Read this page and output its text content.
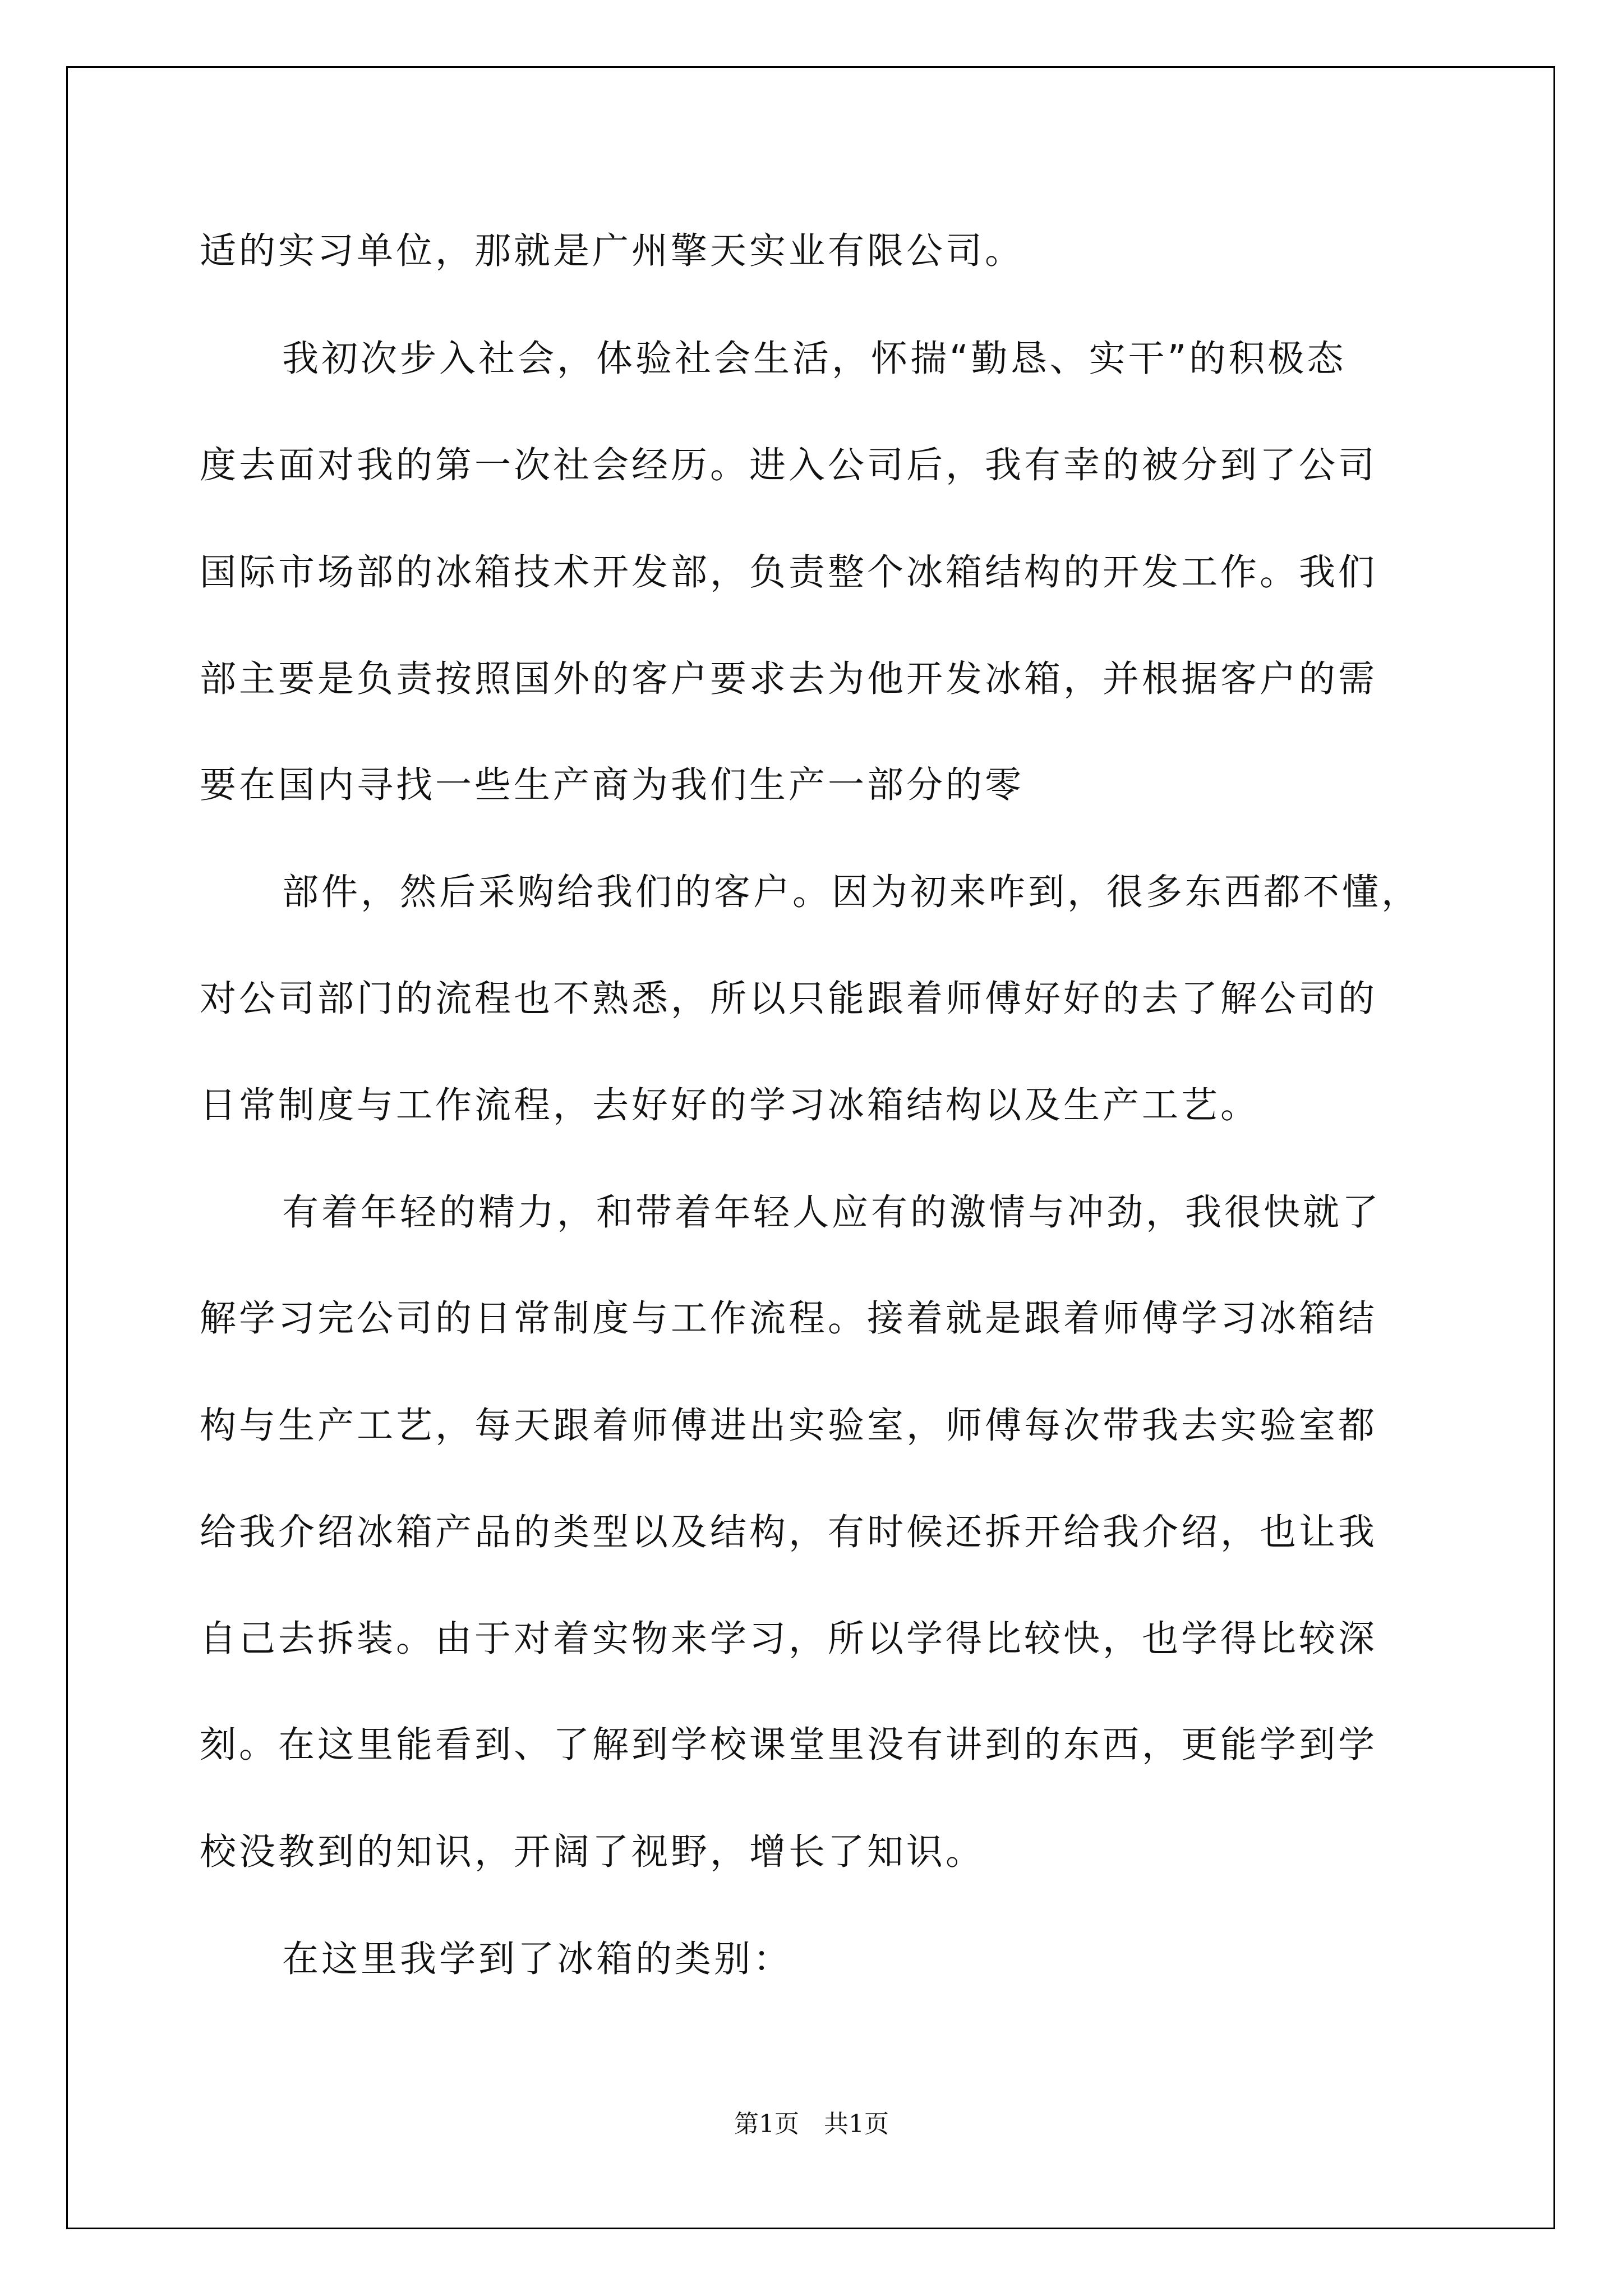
适的实习单位，那就是广州擎天实业有限公司。
我初次步入社会，体验社会生活，怀揣“勤恳、实干”的积极态
度去面对我的第一次社会经历。进入公司后，我有幸的被分到了公司
国际市场部的冰箱技术开发部，负责整个冰箱结构的开发工作。我们
部主要是负责按照国外的客户要求去为他开发冰箱，并根据客户的需
要在国内寻找一些生产商为我们生产一部分的零
部件，然后采购给我们的客户。因为初来咋到，很多东西都不懂，
对公司部门的流程也不熟悉，所以只能跟着师傅好好的去了解公司的
日常制度与工作流程，去好好的学习冰箱结构以及生产工艺。
有着年轻的精力，和带着年轻人应有的激情与冲劲，我很快就了
解学习完公司的日常制度与工作流程。接着就是跟着师傅学习冰箱结
构与生产工艺，每天跟着师傅进出实验室，师傅每次带我去实验室都
给我介绍冰箱产品的类型以及结构，有时候还拆开给我介绍，也让我
自己去拆装。由于对着实物来学习，所以学得比较快，也学得比较深
刻。在这里能看到、了解到学校课堂里没有讲到的东西，更能学到学
校没教到的知识，开阔了视野，增长了知识。
在这里我学到了冰箱的类别：
第1页　共1页
